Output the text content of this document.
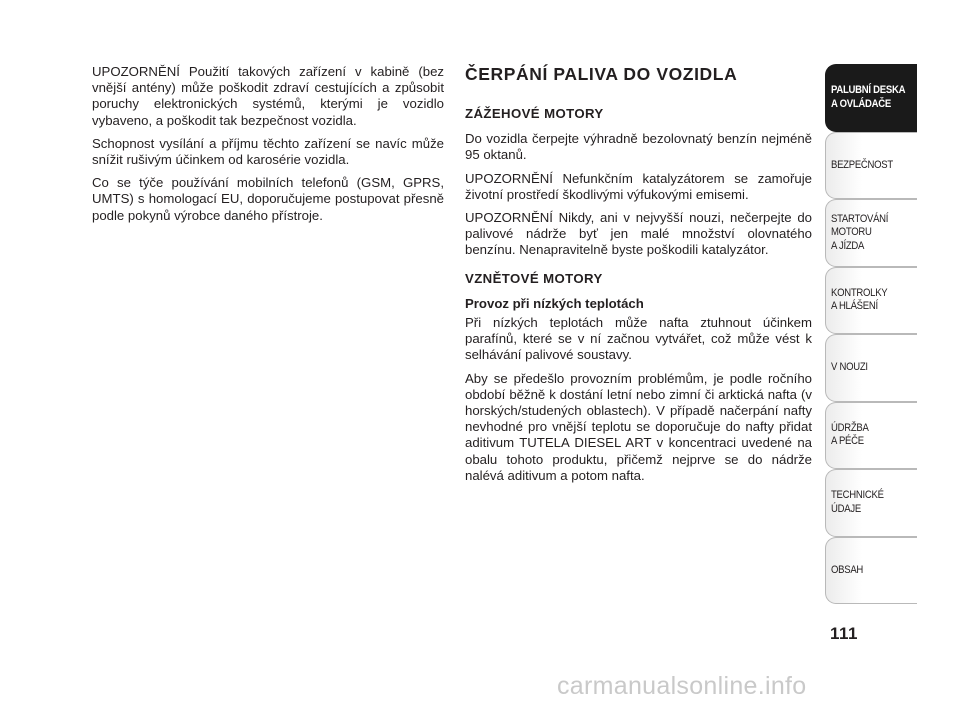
UPOZORNĚNÍ Použití takových zařízení v kabině (bez vnější antény) může poškodit zdraví cestujících a způsobit poruchy elektronických systémů, kterými je vozidlo vybaveno, a poškodit tak bezpečnost vozidla.

Schopnost vysílání a příjmu těchto zařízení se navíc může snížit rušivým účinkem od karosérie vozidla.

Co se týče používání mobilních telefonů (GSM, GPRS, UMTS) s homologací EU, doporučujeme postupovat přesně podle pokynů výrobce daného přístroje.

ČERPÁNÍ PALIVA DO VOZIDLA
ZÁŽEHOVÉ MOTORY

Do vozidla čerpejte výhradně bezolovnatý benzín nejméně 95 oktanů.

UPOZORNĚNÍ Nefunkčním katalyzátorem se zamořuje životní prostředí škodlivými výfukovými emisemi.

UPOZORNĚNÍ Nikdy, ani v nejvyšší nouzi, nečerpejte do palivové nádrže byť jen malé množství olovnatého benzínu. Nenapravitelně byste poškodili katalyzátor.

VZNĚTOVÉ MOTORY
Provoz při nízkých teplotách

Při nízkých teplotách může nafta ztuhnout účinkem parafínů, které se v ní začnou vytvářet, což může vést k selhávání palivové soustavy.

Aby se předešlo provozním problémům, je podle ročního období běžně k dostání letní nebo zimní či arktická nafta (v horských/studených oblastech). V případě načerpání nafty nevhodné pro vnější teplotu se doporučuje do nafty přidat aditivum TUTELA DIESEL ART v koncentraci uvedené na obalu tohoto produktu, přičemž nejprve se do nádrže nalévá aditivum a potom nafta.

PALUBNÍ DESKA
A OVLÁDAČE
BEZPEČNOST
STARTOVÁNÍ
MOTORU
A JÍZDA
KONTROLKY
A HLÁŠENÍ
V NOUZI
ÚDRŽBA
A PÉČE
TECHNICKÉ
ÚDAJE
OBSAH
111
carmanualsonline.info
